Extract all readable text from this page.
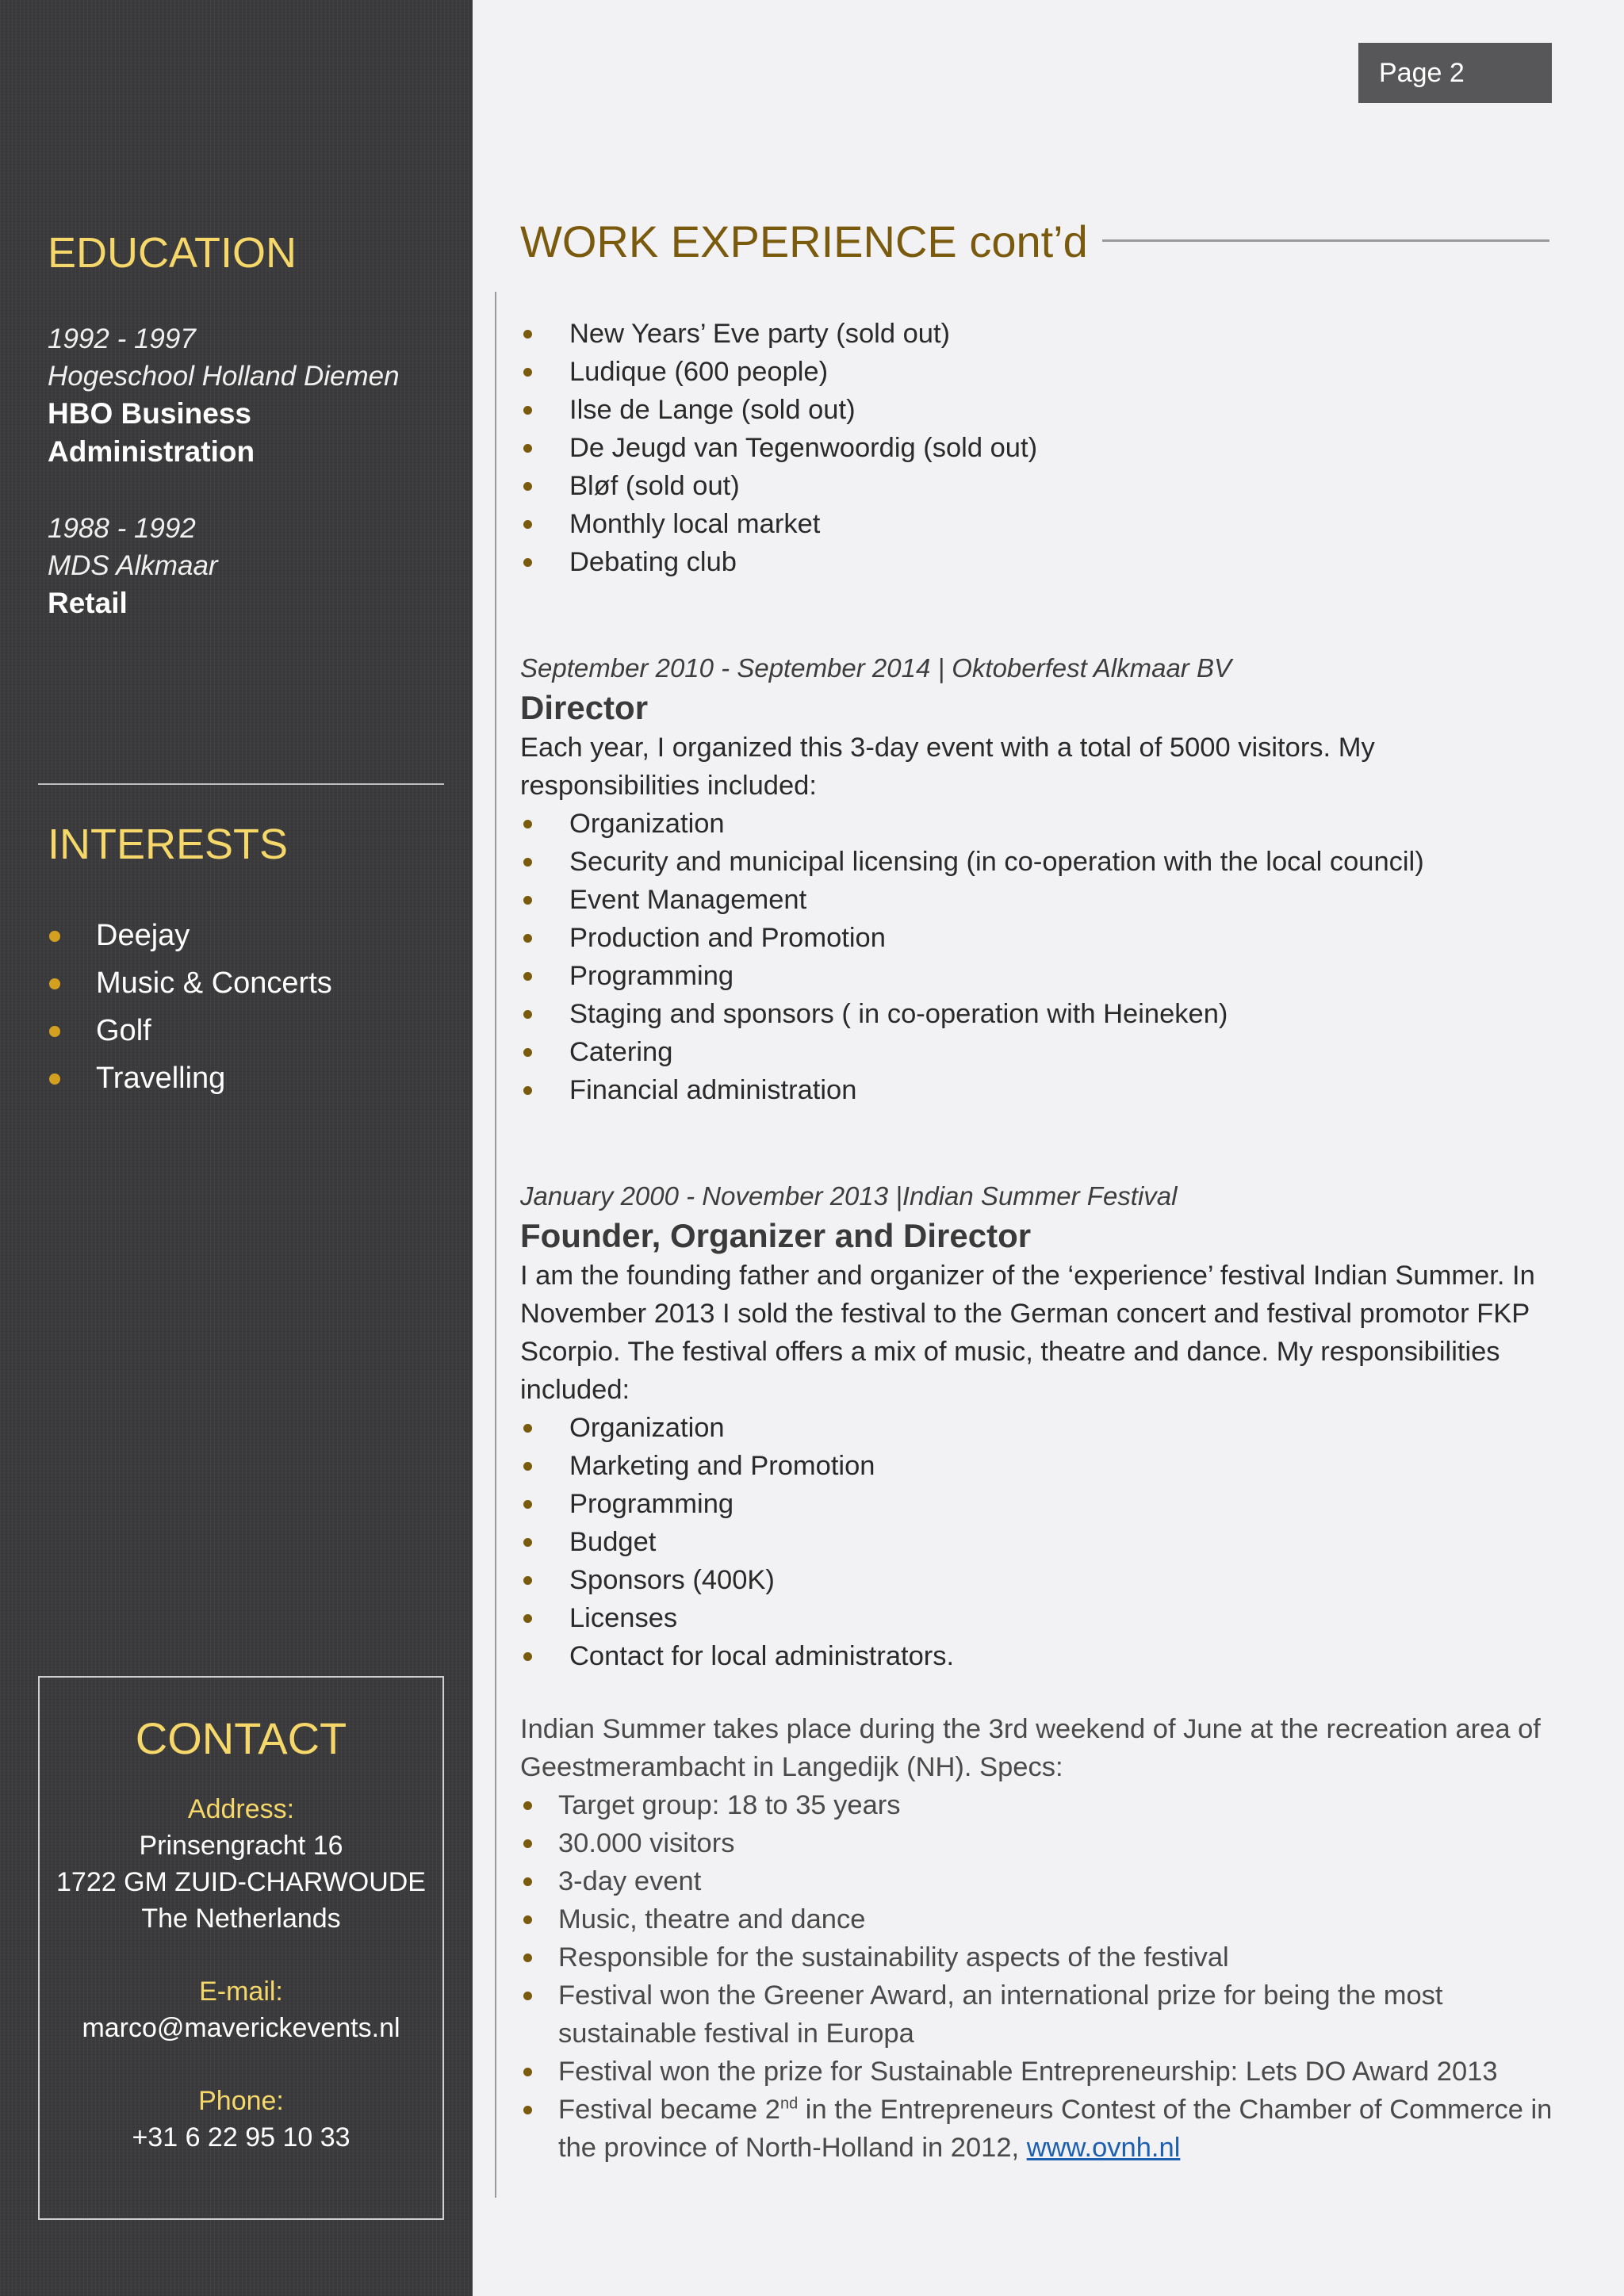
EDUCATION
1992 - 1997
Hogeschool Holland Diemen
HBO Business
Administration
1988 - 1992
MDS Alkmaar
Retail
INTERESTS
Deejay
Music & Concerts
Golf
Travelling
CONTACT
Address:
Prinsengracht 16
1722 GM ZUID-CHARWOUDE
The Netherlands
E-mail:
marco@maverickevents.nl
Phone:
+31 6 22 95 10 33
Page 2
WORK EXPERIENCE cont’d
New Years’ Eve party (sold out)
Ludique (600 people)
Ilse de Lange (sold out)
De Jeugd van Tegenwoordig (sold out)
Bløf (sold out)
Monthly local market
Debating club
September 2010 - September 2014 | Oktoberfest Alkmaar BV
Director

Each year, I organized this 3-day event with a total of 5000 visitors. My responsibilities included:

Organization
Security and municipal licensing (in co-operation with the local council)
Event Management
Production and Promotion
Programming
Staging and sponsors ( in co-operation with Heineken)
Catering
Financial administration
January 2000 - November 2013 |Indian Summer Festival
Founder, Organizer and Director

I am the founding father and organizer of the ‘experience’ festival Indian Summer. In November 2013 I sold the festival to the German concert and festival promotor FKP Scorpio. The festival offers a mix of music, theatre and dance. My responsibilities included:

Organization
Marketing and Promotion
Programming
Budget
Sponsors (400K)
Licenses
Contact for local administrators.

Indian Summer takes place during the 3rd weekend of June at the recreation area of Geestmerambacht in Langedijk (NH). Specs:

Target group: 18 to 35 years
30.000 visitors
3-day event
Music, theatre and dance
Responsible for the sustainability aspects of the festival
Festival won the Greener Award, an international prize for being the most sustainable festival in Europa
Festival won the prize for Sustainable Entrepreneurship: Lets DO Award 2013
Festival became 2nd in the Entrepreneurs Contest of the Chamber of Commerce in the province of North-Holland in 2012, www.ovnh.nl
